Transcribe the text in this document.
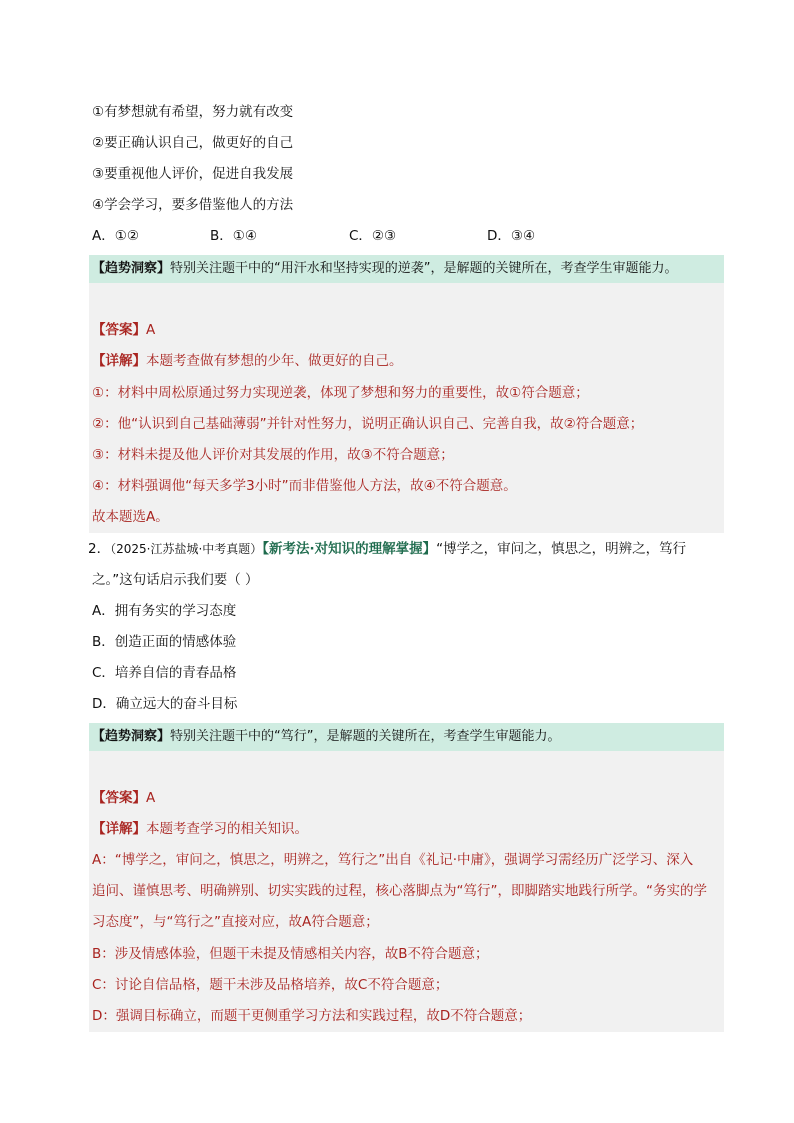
①有梦想就有希望，努力就有改变
②要正确认识自己，做更好的自己
③要重视他人评价，促进自我发展
④学会学习，要多借鉴他人的方法
A．①②	B．①④	C．②③	D．③④
【趋势洞察】特别关注题干中的“用汗水和坚持实现的逆袭”，是解题的关键所在，考查学生审题能力。
【答案】A
【详解】本题考查做有梦想的少年、做更好的自己。
①：材料中周松原通过努力实现逆袭，体现了梦想和努力的重要性，故①符合题意；
②：他“认识到自己基础薄弱”并针对性努力，说明正确认识自己、完善自我，故②符合题意；
③：材料未提及他人评价对其发展的作用，故③不符合题意；
④：材料强调他“每天多学3小时”而非借鉴他人方法，故④不符合题意。
故本题选A。
2．（2025·江苏盐城·中考真题）【新考法·对知识的理解掌握】“博学之，审问之，慎思之，明辨之，笃行
之。”这句话启示我们要（ ）
A．拥有务实的学习态度
B．创造正面的情感体验
C．培养自信的青春品格
D．确立远大的奋斗目标
【趋势洞察】特别关注题干中的“笃行”，是解题的关键所在，考查学生审题能力。
【答案】A
【详解】本题考查学习的相关知识。
A：“博学之，审问之，慎思之，明辨之，笃行之”出自《礼记·中庸》，强调学习需经历广泛学习、深入
追问、谨慎思考、明确辨别、切实实践的过程，核心落脚点为“笃行”，即脚踏实地践行所学。“务实的学
习态度”，与“笃行之”直接对应，故A符合题意；
B：涉及情感体验，但题干未提及情感相关内容，故B不符合题意；
C：讨论自信品格，题干未涉及品格培养，故C不符合题意；
D：强调目标确立，而题干更侧重学习方法和实践过程，故D不符合题意；
